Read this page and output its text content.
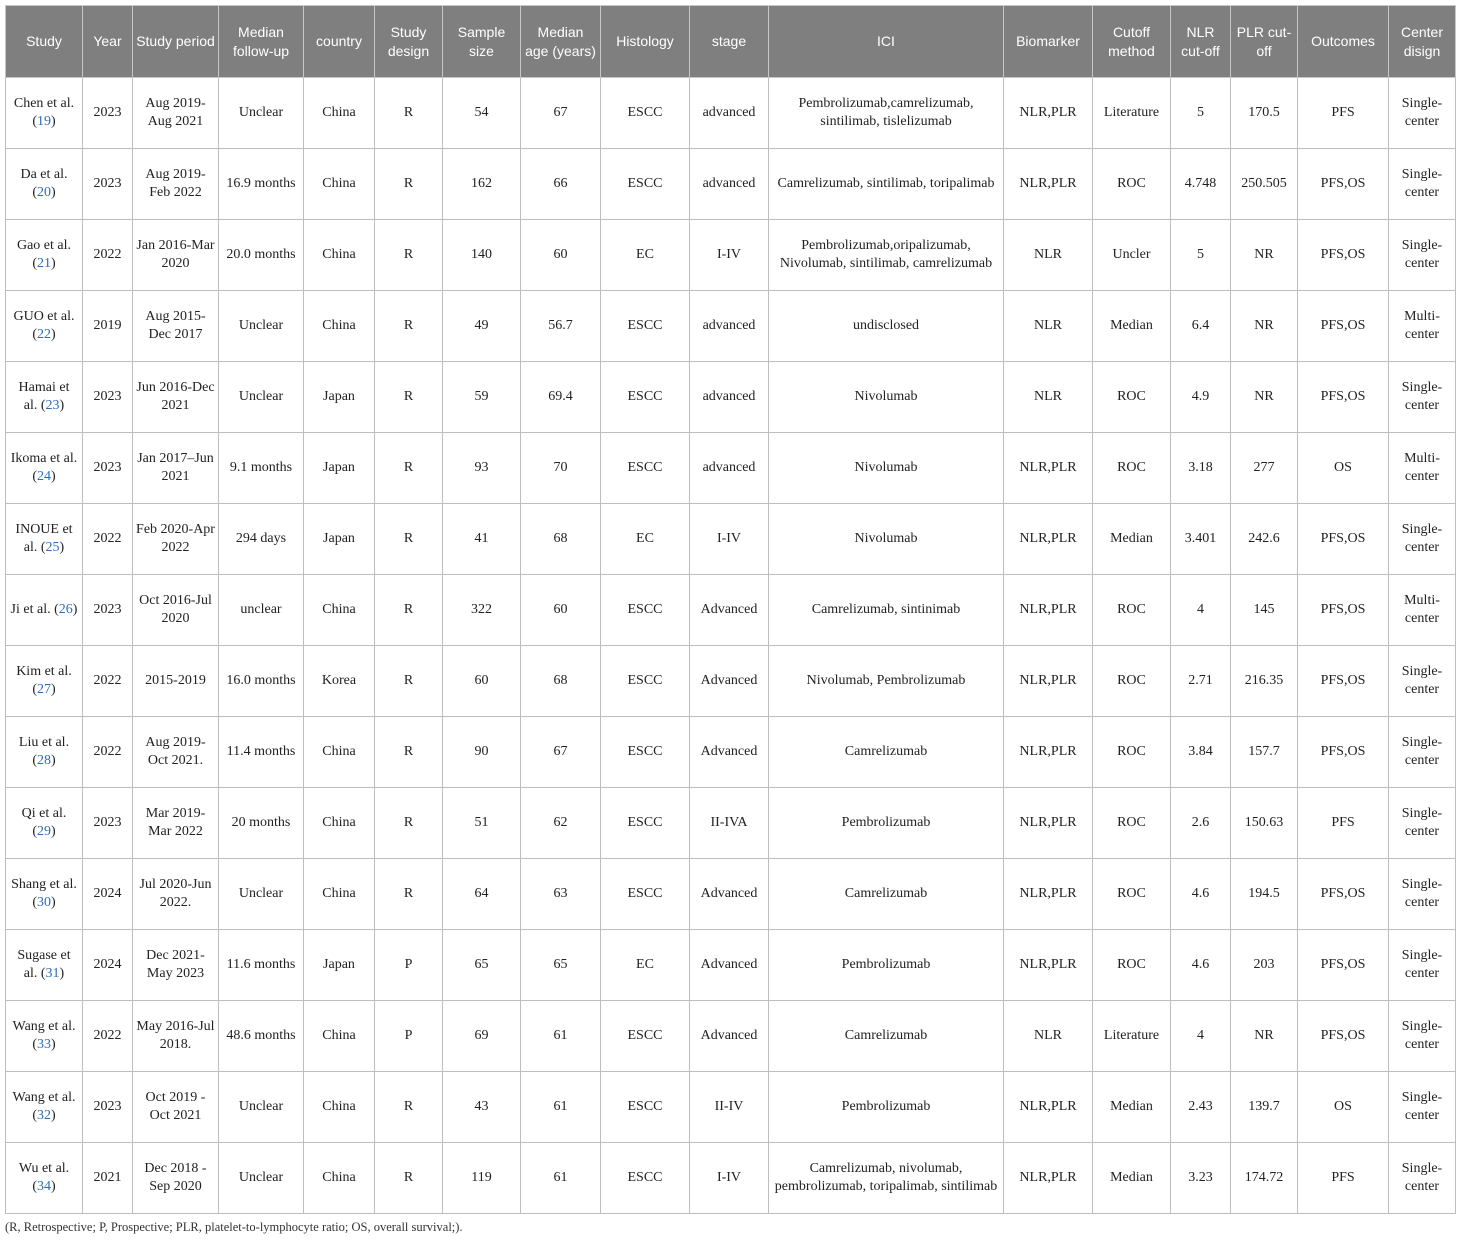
Study	Year	Study period	Median follow-up	country	Study design	Sample size	Median age (years)	Histology	stage	ICI	Biomarker	Cutoff method	NLR cut-off	PLR cut-off	Outcomes	Center disign
Chen et al. (19)	2023	Aug 2019-Aug 2021	Unclear	China	R	54	67	ESCC	advanced	Pembrolizumab,camrelizumab, sintilimab, tislelizumab	NLR,PLR	Literature	5	170.5	PFS	Single-center
Da et al. (20)	2023	Aug 2019-Feb 2022	16.9 months	China	R	162	66	ESCC	advanced	Camrelizumab, sintilimab, toripalimab	NLR,PLR	ROC	4.748	250.505	PFS,OS	Single-center
Gao et al. (21)	2022	Jan 2016-Mar 2020	20.0 months	China	R	140	60	EC	I-IV	Pembrolizumab,oripalizumab, Nivolumab, sintilimab, camrelizumab	NLR	Uncler	5	NR	PFS,OS	Single-center
GUO et al. (22)	2019	Aug 2015-Dec 2017	Unclear	China	R	49	56.7	ESCC	advanced	undisclosed	NLR	Median	6.4	NR	PFS,OS	Multi-center
Hamai et al. (23)	2023	Jun 2016-Dec 2021	Unclear	Japan	R	59	69.4	ESCC	advanced	Nivolumab	NLR	ROC	4.9	NR	PFS,OS	Single-center
Ikoma et al. (24)	2023	Jan 2017–Jun 2021	9.1 months	Japan	R	93	70	ESCC	advanced	Nivolumab	NLR,PLR	ROC	3.18	277	OS	Multi-center
INOUE et al. (25)	2022	Feb 2020-Apr 2022	294 days	Japan	R	41	68	EC	I-IV	Nivolumab	NLR,PLR	Median	3.401	242.6	PFS,OS	Single-center
Ji et al. (26)	2023	Oct 2016-Jul 2020	unclear	China	R	322	60	ESCC	Advanced	Camrelizumab, sintinimab	NLR,PLR	ROC	4	145	PFS,OS	Multi-center
Kim et al. (27)	2022	2015-2019	16.0 months	Korea	R	60	68	ESCC	Advanced	Nivolumab, Pembrolizumab	NLR,PLR	ROC	2.71	216.35	PFS,OS	Single-center
Liu et al. (28)	2022	Aug 2019-Oct 2021.	11.4 months	China	R	90	67	ESCC	Advanced	Camrelizumab	NLR,PLR	ROC	3.84	157.7	PFS,OS	Single-center
Qi et al. (29)	2023	Mar 2019-Mar 2022	20 months	China	R	51	62	ESCC	II-IVA	Pembrolizumab	NLR,PLR	ROC	2.6	150.63	PFS	Single-center
Shang et al. (30)	2024	Jul 2020-Jun 2022.	Unclear	China	R	64	63	ESCC	Advanced	Camrelizumab	NLR,PLR	ROC	4.6	194.5	PFS,OS	Single-center
Sugase et al. (31)	2024	Dec 2021-May 2023	11.6 months	Japan	P	65	65	EC	Advanced	Pembrolizumab	NLR,PLR	ROC	4.6	203	PFS,OS	Single-center
Wang et al. (33)	2022	May 2016-Jul 2018.	48.6 months	China	P	69	61	ESCC	Advanced	Camrelizumab	NLR	Literature	4	NR	PFS,OS	Single-center
Wang et al. (32)	2023	Oct 2019 -Oct 2021	Unclear	China	R	43	61	ESCC	II-IV	Pembrolizumab	NLR,PLR	Median	2.43	139.7	OS	Single-center
Wu et al. (34)	2021	Dec 2018 -Sep 2020	Unclear	China	R	119	61	ESCC	I-IV	Camrelizumab, nivolumab, pembrolizumab, toripalimab, sintilimab	NLR,PLR	Median	3.23	174.72	PFS	Single-center
(R, Retrospective; P, Prospective; PLR, platelet-to-lymphocyte ratio; OS, overall survival;).
